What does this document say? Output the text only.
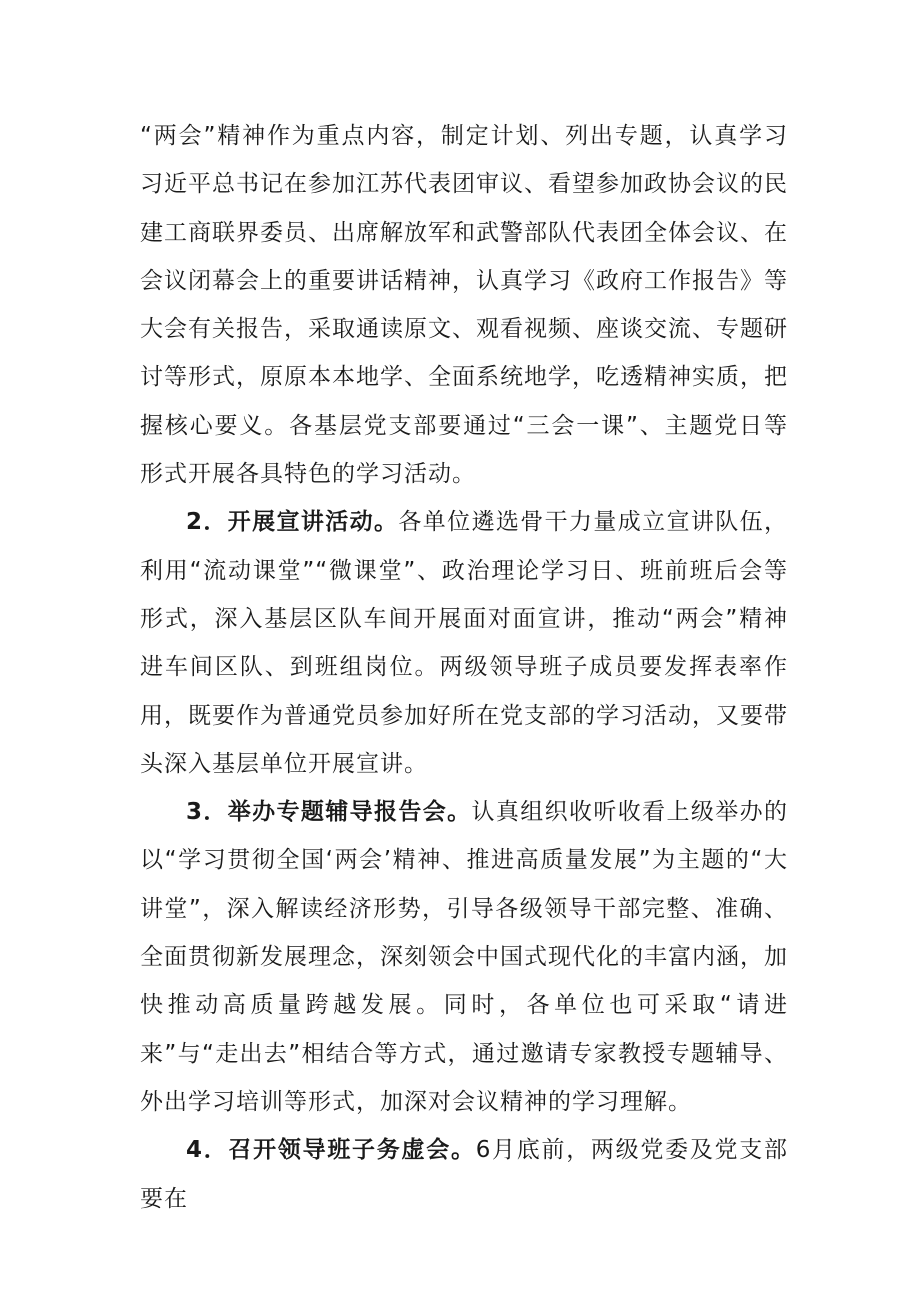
“两会”精神作为重点内容，制定计划、列出专题，认真学习习近平总书记在参加江苏代表团审议、看望参加政协会议的民建工商联界委员、出席解放军和武警部队代表团全体会议、在会议闭幕会上的重要讲话精神，认真学习《政府工作报告》等大会有关报告，采取通读原文、观看视频、座谈交流、专题研讨等形式，原原本本地学、全面系统地学，吃透精神实质，把握核心要义。各基层党支部要通过“三会一课”、主题党日等形式开展各具特色的学习活动。

2．开展宣讲活动。各单位遴选骨干力量成立宣讲队伍，利用“流动课堂”“微课堂”、政治理论学习日、班前班后会等形式，深入基层区队车间开展面对面宣讲，推动“两会”精神进车间区队、到班组岗位。两级领导班子成员要发挥表率作用，既要作为普通党员参加好所在党支部的学习活动，又要带头深入基层单位开展宣讲。

3．举办专题辅导报告会。认真组织收听收看上级举办的以“学习贯彻全国‘两会’精神、推进高质量发展”为主题的“大讲堂”，深入解读经济形势，引导各级领导干部完整、准确、全面贯彻新发展理念，深刻领会中国式现代化的丰富内涵，加快推动高质量跨越发展。同时，各单位也可采取“请进来”与“走出去”相结合等方式，通过邀请专家教授专题辅导、外出学习培训等形式，加深对会议精神的学习理解。

4．召开领导班子务虚会。6月底前，两级党委及党支部要在
